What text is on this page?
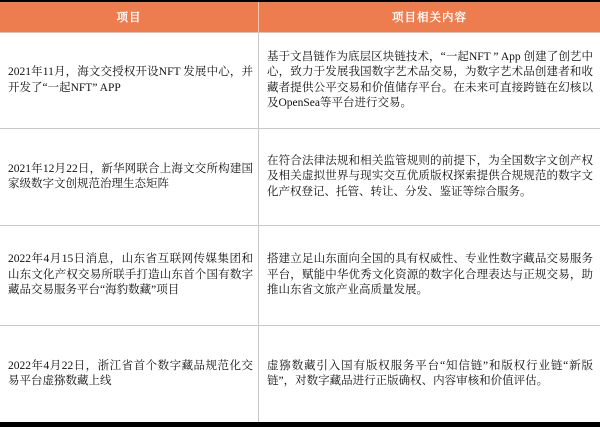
项目	项目相关内容

2021年11月，海文交授权开设NFT 发展中心，并开发了“一起NFT” APP

基于文昌链作为底层区块链技术，“一起NFT ” App 创建了创艺中心，致力于发展我国数字艺术品交易，为数字艺术品创建者和收藏者提供公平交易和价值储存平台。在未来可直接跨链在幻核以及OpenSea等平台进行交易。

2021年12月22日，新华网联合上海文交所构建国家级数字文创规范治理生态矩阵

在符合法律法规和相关监管规则的前提下，为全国数字文创产权及相关虚拟世界与现实交互优质版权探索提供合规规范的数字文化产权登记、托管、转让、分发、鉴证等综合服务。

2022年4月15日消息，山东省互联网传媒集团和山东文化产权交易所联手打造山东首个国有数字藏品交易服务平台“海豹数藏”项目

搭建立足山东面向全国的具有权威性、专业性数字藏品交易服务平台，赋能中华优秀文化资源的数字化合理表达与正规交易，助推山东省文旅产业高质量发展。

2022年4月22日，浙江省首个数字藏品规范化交易平台虚猕数藏上线

虚猕数藏引入国有版权服务平台“知信链”和版权行业链“新版链”，对数字藏品进行正版确权、内容审核和价值评估。
